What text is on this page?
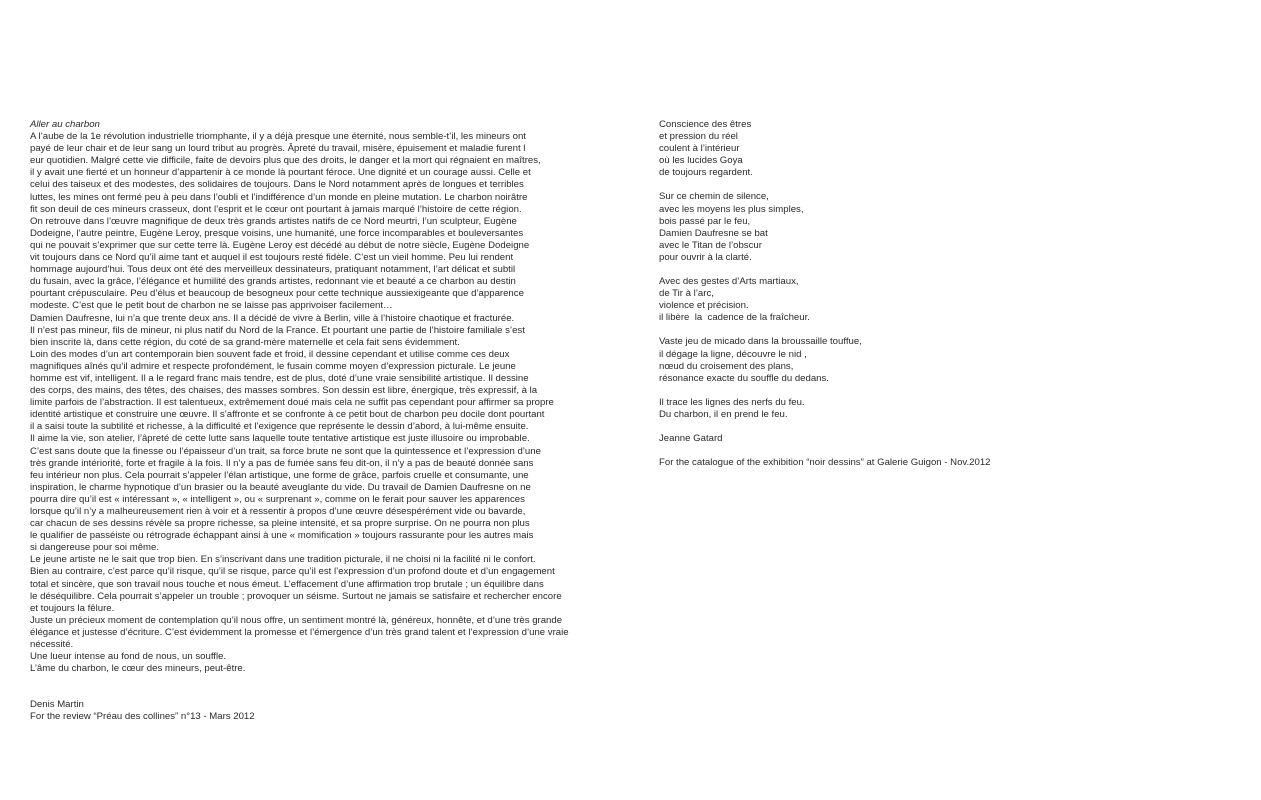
Aller au charbon
A l’aube de la 1e révolution industrielle triomphante, il y a déjà presque une éternité, nous semble-t’il, les mineurs ont
payé de leur chair et de leur sang un lourd tribut au progrès. Âpreté du travail, misère, épuisement et maladie furent l
eur quotidien. Malgré cette vie difficile, faite de devoirs plus que des droits, le danger et la mort qui régnaient en maîtres,
il y avait une fierté et un honneur d’appartenir à ce monde là pourtant féroce. Une dignité et un courage aussi. Celle et
celui des taiseux et des modestes, des solidaires de toujours. Dans le Nord notamment après de longues et terribles
luttes, les mines ont fermé peu à peu dans l’oubli et l’indifférence d’un monde en pleine mutation. Le charbon noirâtre
fit son deuil de ces mineurs crasseux, dont l’esprit et le cœur ont pourtant à jamais marqué l’histoire de cette région.
On retrouve dans l’œuvre magnifique de deux très grands artistes natifs de ce Nord meurtri, l’un sculpteur, Eugène
Dodeigne, l’autre peintre, Eugène Leroy, presque voisins, une humanité, une force incomparables et bouleversantes
qui ne pouvait s’exprimer que sur cette terre là. Eugène Leroy est décédé au début de notre siècle, Eugène Dodeigne
vit toujours dans ce Nord qu’il aime tant et auquel il est toujours resté fidèle. C’est un vieil homme. Peu lui rendent
hommage aujourd’hui. Tous deux ont été des merveilleux dessinateurs, pratiquant notamment, l’art délicat et subtil
du fusain, avec la grâce, l’élégance et humilité des grands artistes, redonnant vie et beauté a ce charbon au destin
pourtant crépusculaire. Peu d’élus et beaucoup de besogneux pour cette technique aussiexigeante que d’apparence
modeste. C’est que le petit bout de charbon ne se laisse pas apprivoiser facilement…
Damien Daufresne, lui n’a que trente deux ans. Il a décidé de vivre à Berlin, ville à l’histoire chaotique et fracturée.
Il n’est pas mineur, fils de mineur, ni plus natif du Nord de la France. Et pourtant une partie de l’histoire familiale s’est
bien inscrite là, dans cette région, du coté de sa grand-mère maternelle et cela fait sens évidemment.
Loin des modes d’un art contemporain bien souvent fade et froid, il dessine cependant et utilise comme ces deux
magnifiques aînés qu’il admire et respecte profondément, le fusain comme moyen d’expression picturale. Le jeune
homme est vif, intelligent. Il a le regard franc mais tendre, est de plus, doté d’une vraie sensibilité artistique. Il dessine
des corps, des mains, des têtes, des chaises, des masses sombres. Son dessin est libre, énergique, très expressif, à la
limite parfois de l’abstraction. Il est talentueux, extrêmement doué mais cela ne suffit pas cependant pour affirmer sa propre
identité artistique et construire une œuvre. Il s’affronte et se confronte à ce petit bout de charbon peu docile dont pourtant
il a saisi toute la subtilité et richesse, à la difficulté et l’exigence que représente le dessin d’abord, à lui-même ensuite.
Il aime la vie, son atelier, l’âpreté de cette lutte sans laquelle toute tentative artistique est juste illusoire ou improbable.
C’est sans doute que la finesse ou l’épaisseur d’un trait, sa force brute ne sont que la quintessence et l’expression d’une
très grande intériorité, forte et fragile à la fois. Il n’y a pas de fumée sans feu dit-on, il n’y a pas de beauté donnée sans
feu intérieur non plus. Cela pourrait s’appeler l’élan artistique, une forme de grâce, parfois cruelle et consumante, une
inspiration, le charme hypnotique d’un brasier ou la beauté aveuglante du vide. Du travail de Damien Daufresne on ne
pourra dire qu’il est « intéressant », « intelligent », ou « surprenant », comme on le ferait pour sauver les apparences
lorsque qu’il n’y a malheureusement rien à voir et à ressentir à propos d’une œuvre désespérément vide ou bavarde,
car chacun de ses dessins révèle sa propre richesse, sa pleine intensité, et sa propre surprise. On ne pourra non plus
le qualifier de passéiste ou rétrograde échappant ainsi à une « momification » toujours rassurante pour les autres mais
si dangereuse pour soi même.
Le jeune artiste ne le sait que trop bien. En s’inscrivant dans une tradition picturale, il ne choisi ni la facilité ni le confort.
Bien au contraire, c’est parce qu’il risque, qu’il se risque, parce qu’il est l’expression d’un profond doute et d’un engagement
total et sincère, que son travail nous touche et nous émeut. L’effacement d’une affirmation trop brutale ; un équilibre dans
le déséquilibre. Cela pourrait s’appeler un trouble ; provoquer un séisme. Surtout ne jamais se satisfaire et rechercher encore
et toujours la fêlure.
Juste un précieux moment de contemplation qu’il nous offre, un sentiment montré là, généreux, honnête, et d’une très grande
élégance et justesse d’écriture. C’est évidemment la promesse et l’émergence d’un très grand talent et l’expression d’une vraie
nécessité.
Une lueur intense au fond de nous, un souffle.
L’âme du charbon, le cœur des mineurs, peut-être.
Denis Martin
For the review “Préau des collines” n°13 - Mars 2012
Conscience des êtres
et pression du réel
coulent à l’intérieur
où les lucides Goya
de toujours regardent.
Sur ce chemin de silence,
avec les moyens les plus simples,
bois passé par le feu,
Damien Daufresne se bat
avec le Titan de l’obscur
pour ouvrir à la clarté.
Avec des gestes d’Arts martiaux,
de Tir à l’arc,
violence et précision.
il libère  la  cadence de la fraîcheur.
Vaste jeu de micado dans la broussaille touffue,
il dégage la ligne, découvre le nid ,
nœud du croisement des plans,
résonance exacte du souffle du dedans.
Il trace les lignes des nerfs du feu.
Du charbon, il en prend le feu.
Jeanne Gatard
For the catalogue of the exhibition “noir dessins” at Galerie Guigon - Nov.2012
